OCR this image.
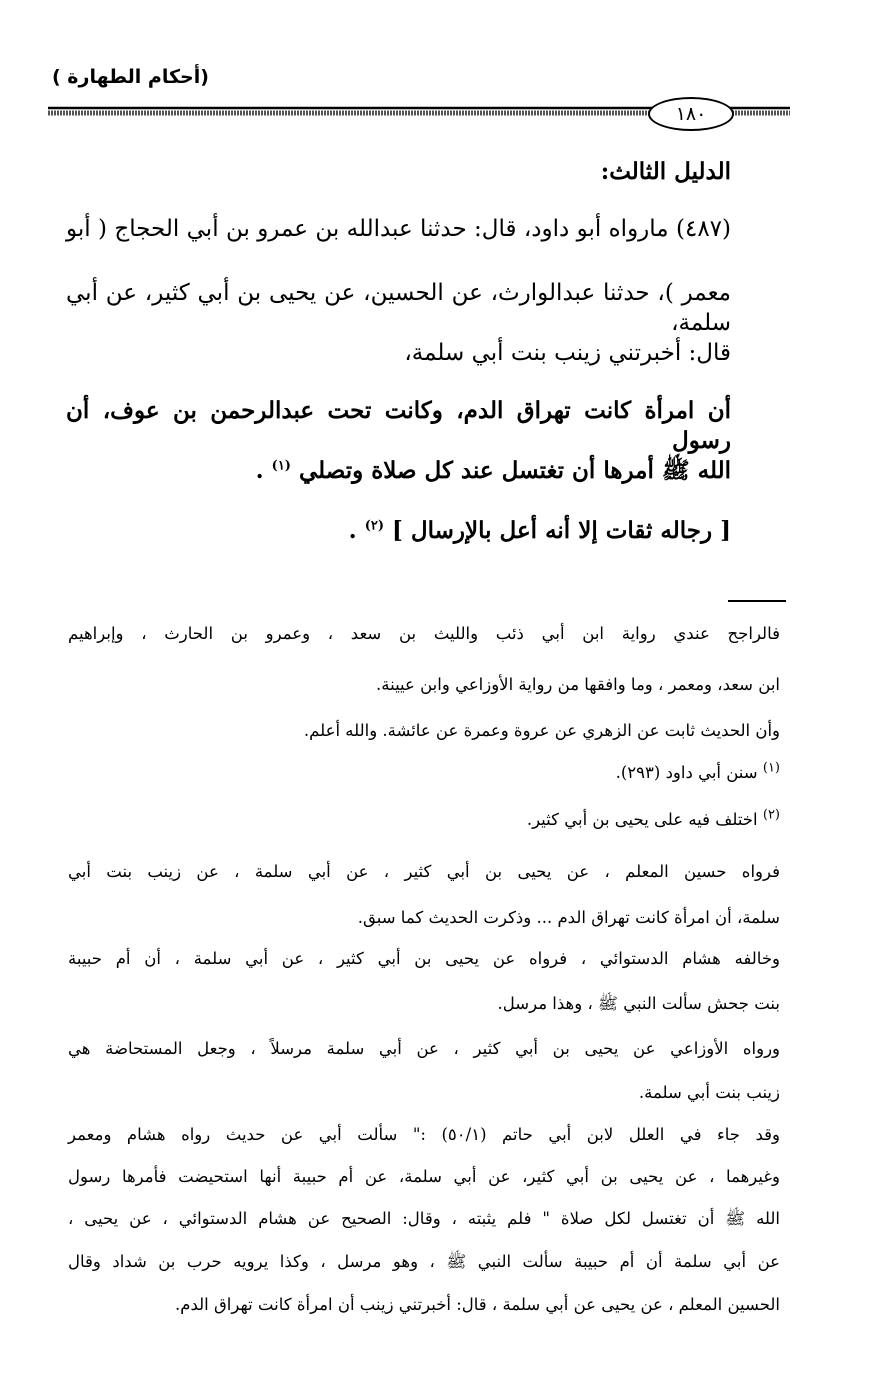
(أحكام الطهارة )
١٨٠
الدليل الثالث:
(٤٨٧) مارواه أبو داود، قال: حدثنا عبدالله بن عمرو بن أبي الحجاج ( أبو
معمر )، حدثنا عبدالوارث، عن الحسين، عن يحيى بن أبي كثير، عن أبي سلمة،
قال: أخبرتني زينب بنت أبي سلمة،
أن امرأة كانت تهراق الدم، وكانت تحت عبدالرحمن بن عوف، أن رسول
الله ﷺ أمرها أن تغتسل عند كل صلاة وتصلي $^{(١)}$ .
[ رجاله ثقات إلا أنه أعل بالإرسال ] $^{(٢)}$ .
فالراجح عندي رواية ابن أبي ذئب والليث بن سعد ، وعمرو بن الحارث ، وإبراهيم
ابن سعد، ومعمر ، وما وافقها من رواية الأوزاعي وابن عيينة.
وأن الحديث ثابت عن الزهري عن عروة وعمرة عن عائشة. والله أعلم.
$^{(١)}$ سنن أبي داود (٢٩٣).
$^{(٢)}$ اختلف فيه على يحيى بن أبي كثير.
فرواه حسين المعلم ، عن يحيى بن أبي كثير ، عن أبي سلمة ، عن زينب بنت أبي
سلمة، أن امرأة كانت تهراق الدم ... وذكرت الحديث كما سبق.
وخالفه هشام الدستوائي ، فرواه عن يحيى بن أبي كثير ، عن أبي سلمة ، أن أم حبيبة
بنت جحش سألت النبي ﷺ ، وهذا مرسل.
ورواه الأوزاعي عن يحيى بن أبي كثير ، عن أبي سلمة مرسلاً ، وجعل المستحاضة هي
زينب بنت أبي سلمة.
وقد جاء في العلل لابن أبي حاتم (٥٠/١) :" سألت أبي عن حديث رواه هشام ومعمر
وغيرهما ، عن يحيى بن أبي كثير، عن أبي سلمة، عن أم حبيبة أنها استحيضت فأمرها رسول
الله ﷺ أن تغتسل لكل صلاة " فلم يثبته ، وقال: الصحيح عن هشام الدستوائي ، عن يحيى ،
عن أبي سلمة أن أم حبيبة سألت النبي ﷺ ، وهو مرسل ، وكذا يرويه حرب بن شداد وقال
الحسين المعلم ، عن يحيى عن أبي سلمة ، قال: أخبرتني زينب أن امرأة كانت تهراق الدم.
